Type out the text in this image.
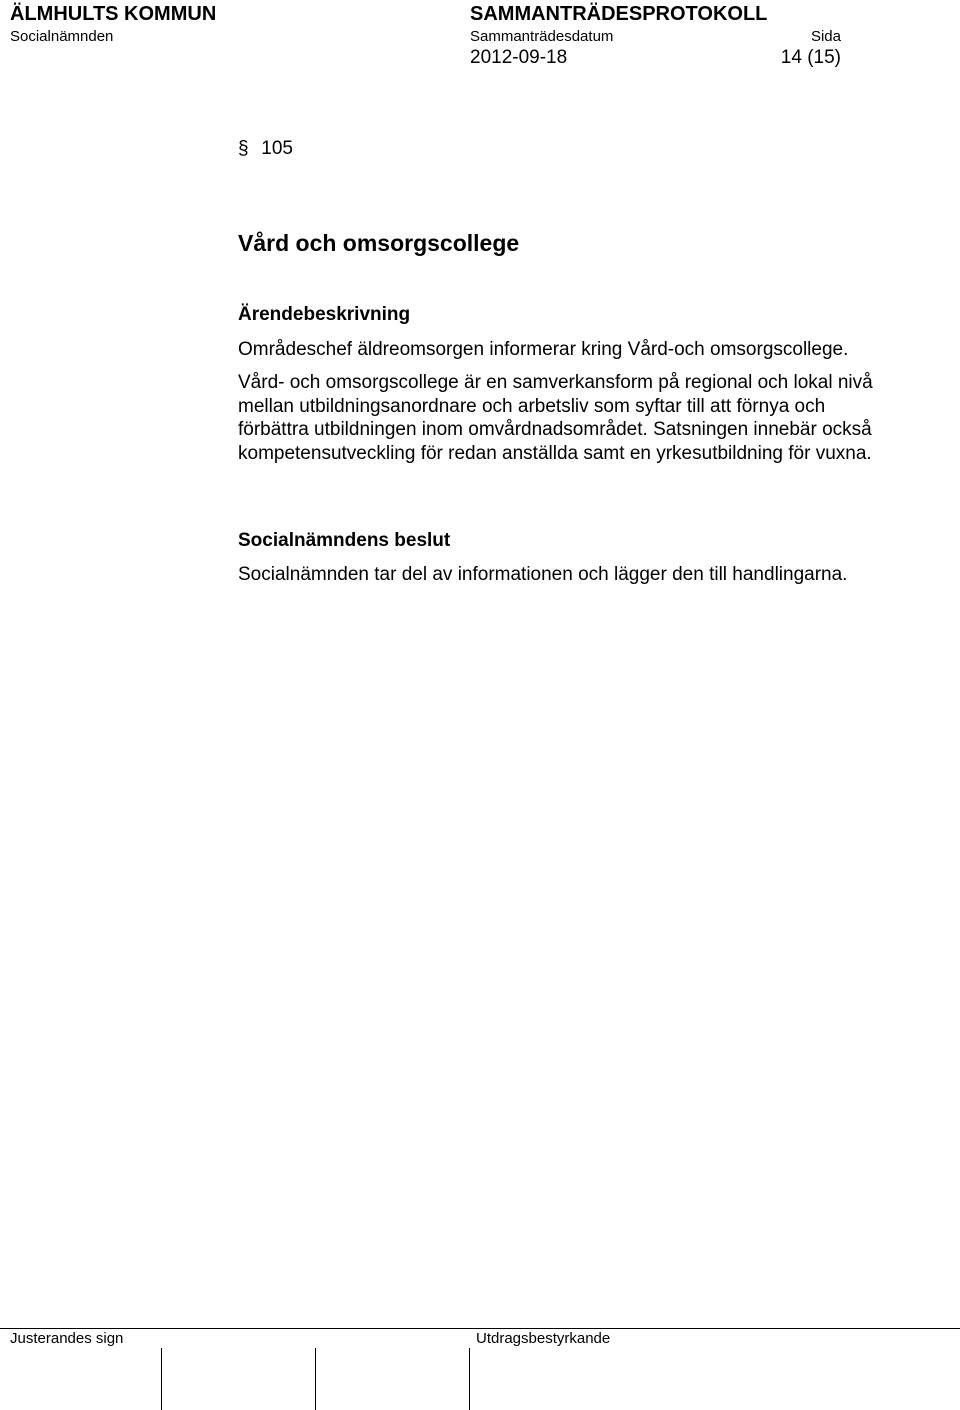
ÄLMHULTS KOMMUN	SAMMANTRÄDESPROTOKOLL
Socialnämnden	Sammanträdesdatum	Sida
2012-09-18	14 (15)
§ 105
Vård och omsorgscollege
Ärendebeskrivning
Områdeschef äldreomsorgen informerar kring Vård-och omsorgscollege.
Vård- och omsorgscollege är en samverkansform på regional och lokal nivå mellan utbildningsanordnare och arbetsliv som syftar till att förnya och förbättra utbildningen inom omvårdnadsområdet. Satsningen innebär också kompetensutveckling för redan anställda samt en yrkesutbildning för vuxna.
Socialnämndens beslut
Socialnämnden tar del av informationen och lägger den till handlingarna.
Justerandes sign	Utdragsbestyrkande
